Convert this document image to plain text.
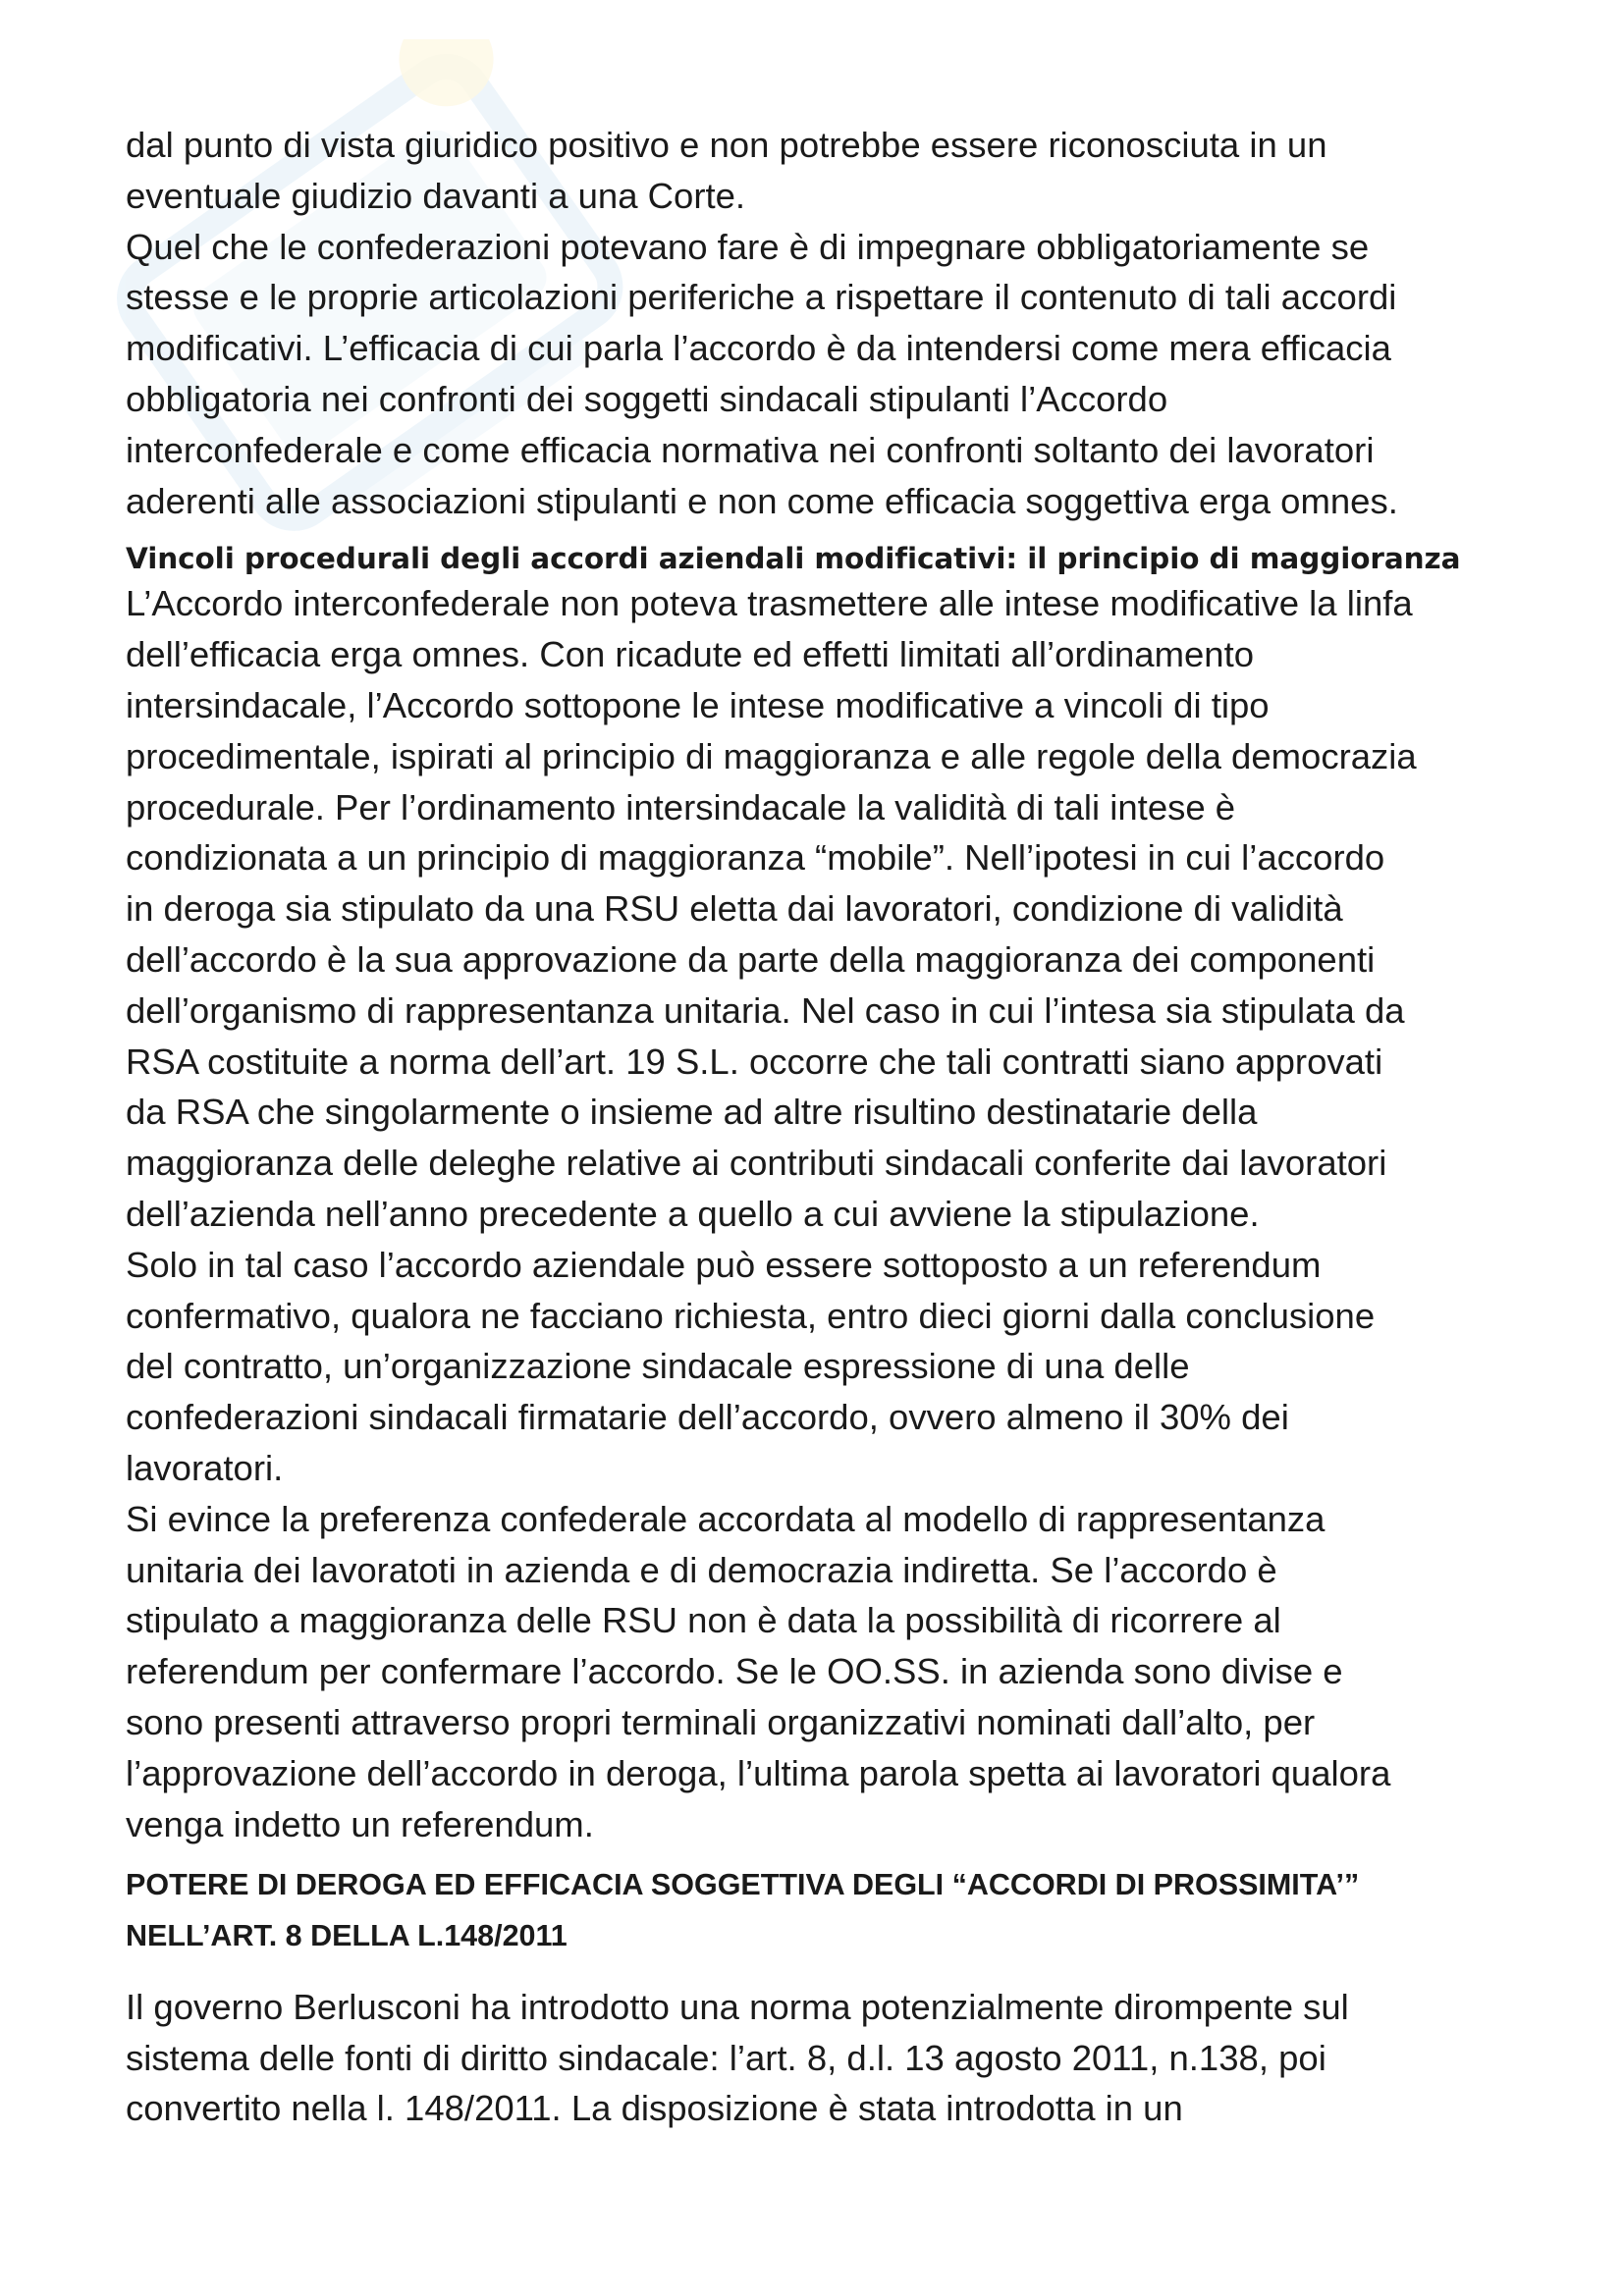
dal punto di vista giuridico positivo e non potrebbe essere riconosciuta in un
eventuale giudizio davanti a una Corte.

Quel che le confederazioni potevano fare è di impegnare obbligatoriamente se
stesse e le proprie articolazioni periferiche a rispettare il contenuto di tali accordi
modificativi. L’efficacia di cui parla l’accordo è da intendersi come mera efficacia
obbligatoria nei confronti dei soggetti sindacali stipulanti l’Accordo
interconfederale e come efficacia normativa nei confronti soltanto dei lavoratori
aderenti alle associazioni stipulanti e non come efficacia soggettiva erga omnes.

Vincoli procedurali degli accordi aziendali modificativi: il principio di maggioranza

L’Accordo interconfederale non poteva trasmettere alle intese modificative la linfa
dell’efficacia erga omnes. Con ricadute ed effetti limitati all’ordinamento
intersindacale, l’Accordo sottopone le intese modificative a vincoli di tipo
procedimentale, ispirati al principio di maggioranza e alle regole della democrazia
procedurale. Per l’ordinamento intersindacale la validità di tali intese è
condizionata a un principio di maggioranza “mobile”. Nell’ipotesi in cui l’accordo
in deroga sia stipulato da una RSU eletta dai lavoratori, condizione di validità
dell’accordo è la sua approvazione da parte della maggioranza dei componenti
dell’organismo di rappresentanza unitaria. Nel caso in cui l’intesa sia stipulata da
RSA costituite a norma dell’art. 19 S.L. occorre che tali contratti siano approvati
da RSA che singolarmente o insieme ad altre risultino destinatarie della
maggioranza delle deleghe relative ai contributi sindacali conferite dai lavoratori
dell’azienda nell’anno precedente a quello a cui avviene la stipulazione.

Solo in tal caso l’accordo aziendale può essere sottoposto a un referendum
confermativo, qualora ne facciano richiesta, entro dieci giorni dalla conclusione
del contratto, un’organizzazione sindacale espressione di una delle
confederazioni sindacali firmatarie dell’accordo, ovvero almeno il 30% dei
lavoratori.

Si evince la preferenza confederale accordata al modello di rappresentanza
unitaria dei lavoratoti in azienda e di democrazia indiretta. Se l’accordo è
stipulato a maggioranza delle RSU non è data la possibilità di ricorrere al
referendum per confermare l’accordo. Se le OO.SS. in azienda sono divise e
sono presenti attraverso propri terminali organizzativi nominati dall’alto, per
l’approvazione dell’accordo in deroga, l’ultima parola spetta ai lavoratori qualora
venga indetto un referendum.

POTERE DI DEROGA ED EFFICACIA SOGGETTIVA DEGLI “ACCORDI DI PROSSIMITA’”
NELL’ART. 8 DELLA L.148/2011

Il governo Berlusconi ha introdotto una norma potenzialmente dirompente sul
sistema delle fonti di diritto sindacale: l’art. 8, d.l. 13 agosto 2011, n.138, poi
convertito nella l. 148/2011. La disposizione è stata introdotta in un
